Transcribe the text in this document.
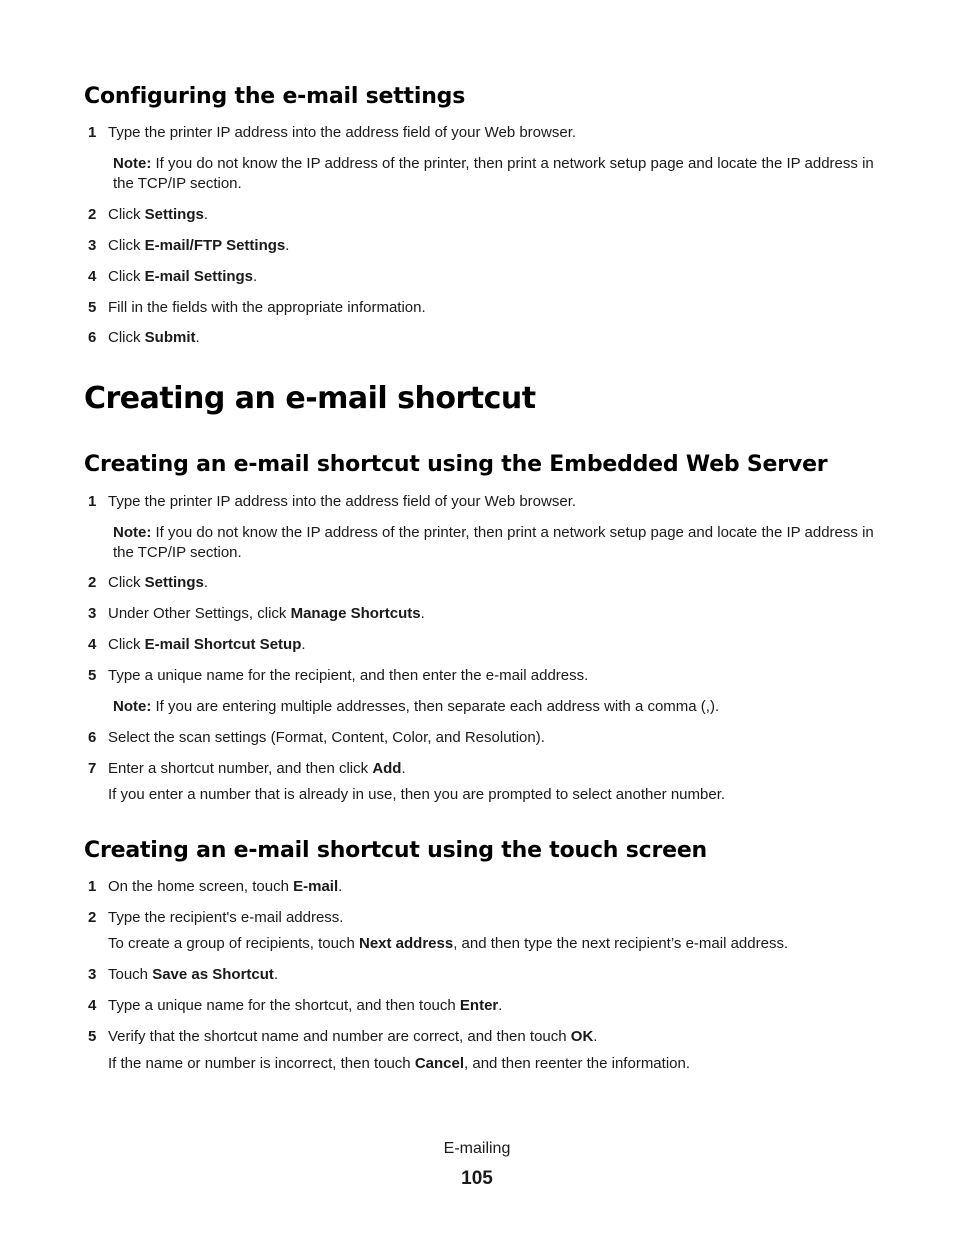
Configuring the e-mail settings
1 Type the printer IP address into the address field of your Web browser.
Note: If you do not know the IP address of the printer, then print a network setup page and locate the IP address in the TCP/IP section.
2 Click Settings.
3 Click E-mail/FTP Settings.
4 Click E-mail Settings.
5 Fill in the fields with the appropriate information.
6 Click Submit.
Creating an e-mail shortcut
Creating an e-mail shortcut using the Embedded Web Server
1 Type the printer IP address into the address field of your Web browser.
Note: If you do not know the IP address of the printer, then print a network setup page and locate the IP address in the TCP/IP section.
2 Click Settings.
3 Under Other Settings, click Manage Shortcuts.
4 Click E-mail Shortcut Setup.
5 Type a unique name for the recipient, and then enter the e-mail address.
Note: If you are entering multiple addresses, then separate each address with a comma (,).
6 Select the scan settings (Format, Content, Color, and Resolution).
7 Enter a shortcut number, and then click Add.
If you enter a number that is already in use, then you are prompted to select another number.
Creating an e-mail shortcut using the touch screen
1 On the home screen, touch E-mail.
2 Type the recipient's e-mail address.
To create a group of recipients, touch Next address, and then type the next recipient’s e-mail address.
3 Touch Save as Shortcut.
4 Type a unique name for the shortcut, and then touch Enter.
5 Verify that the shortcut name and number are correct, and then touch OK.
If the name or number is incorrect, then touch Cancel, and then reenter the information.
E-mailing
105
